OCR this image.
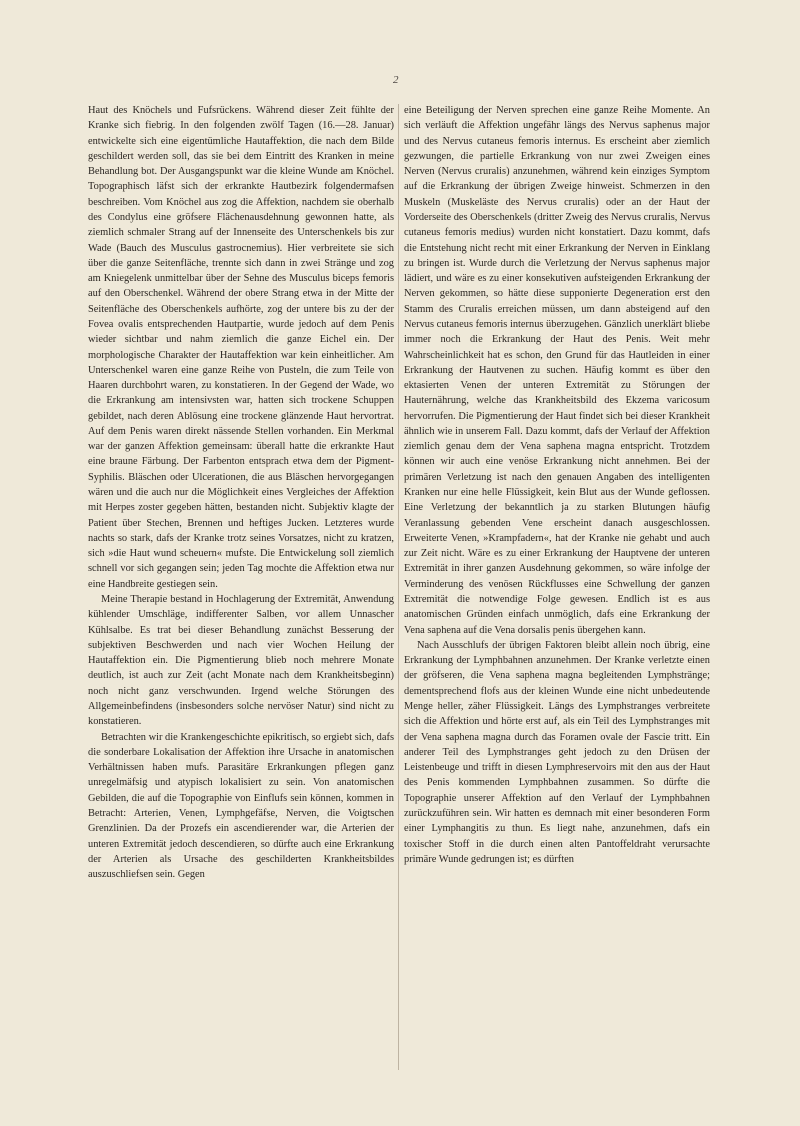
2

Haut des Knöchels und Fufsrückens. Während dieser Zeit fühlte der Kranke sich fiebrig. In den folgenden zwölf Tagen (16.—28. Januar) entwickelte sich eine eigentümliche Hautaffektion, die nach dem Bilde geschildert werden soll, das sie bei dem Eintritt des Kranken in meine Behandlung bot. Der Ausgangspunkt war die kleine Wunde am Knöchel. Topographisch läfst sich der erkrankte Hautbezirk folgendermafsen beschreiben. Vom Knöchel aus zog die Affektion, nachdem sie oberhalb des Condylus eine gröfsere Flächenausdehnung gewonnen hatte, als ziemlich schmaler Strang auf der Innenseite des Unterschenkels bis zur Wade (Bauch des Musculus gastrocnemius). Hier verbreitete sie sich über die ganze Seitenfläche, trennte sich dann in zwei Stränge und zog am Kniegelenk unmittelbar über der Sehne des Musculus biceps femoris auf den Oberschenkel. Während der obere Strang etwa in der Mitte der Seitenfläche des Oberschenkels aufhörte, zog der untere bis zu der der Fovea ovalis entsprechenden Hautpartie, wurde jedoch auf dem Penis wieder sichtbar und nahm ziemlich die ganze Eichel ein. Der morphologische Charakter der Hautaffektion war kein einheitlicher. Am Unterschenkel waren eine ganze Reihe von Pusteln, die zum Teile von Haaren durchbohrt waren, zu konstatieren. In der Gegend der Wade, wo die Erkrankung am intensivsten war, hatten sich trockene Schuppen gebildet, nach deren Ablösung eine trockene glänzende Haut hervortrat. Auf dem Penis waren direkt nässende Stellen vorhanden. Ein Merkmal war der ganzen Affektion gemeinsam: überall hatte die erkrankte Haut eine braune Färbung. Der Farbenton entsprach etwa dem der Pigment-Syphilis. Bläschen oder Ulcerationen, die aus Bläschen hervorgegangen wären und die auch nur die Möglichkeit eines Vergleiches der Affektion mit Herpes zoster gegeben hätten, bestanden nicht. Subjektiv klagte der Patient über Stechen, Brennen und heftiges Jucken. Letzteres wurde nachts so stark, dafs der Kranke trotz seines Vorsatzes, nicht zu kratzen, sich »die Haut wund scheuern« mufste. Die Entwickelung soll ziemlich schnell vor sich gegangen sein; jeden Tag mochte die Affektion etwa nur eine Handbreite gestiegen sein.

Meine Therapie bestand in Hochlagerung der Extremität, Anwendung kühlender Umschläge, indifferenter Salben, vor allem Unnascher Kühlsalbe. Es trat bei dieser Behandlung zunächst Besserung der subjektiven Beschwerden und nach vier Wochen Heilung der Hautaffektion ein. Die Pigmentierung blieb noch mehrere Monate deutlich, ist auch zur Zeit (acht Monate nach dem Krankheitsbeginn) noch nicht ganz verschwunden. Irgend welche Störungen des Allgemeinbefindens (insbesonders solche nervöser Natur) sind nicht zu konstatieren.

Betrachten wir die Krankengeschichte epikritisch, so ergiebt sich, dafs die sonderbare Lokalisation der Affektion ihre Ursache in anatomischen Verhältnissen haben mufs. Parasitäre Erkrankungen pflegen ganz unregelmäfsig und atypisch lokalisiert zu sein. Von anatomischen Gebilden, die auf die Topographie von Einflufs sein können, kommen in Betracht: Arterien, Venen, Lymphgefäfse, Nerven, die Voigtschen Grenzlinien. Da der Prozefs ein ascendierender war, die Arterien der unteren Extremität jedoch descendieren, so dürfte auch eine Erkrankung der Arterien als Ursache des geschilderten Krankheitsbildes auszuschliefsen sein. Gegen

eine Beteiligung der Nerven sprechen eine ganze Reihe Momente. An sich verläuft die Affektion ungefähr längs des Nervus saphenus major und des Nervus cutaneus femoris internus. Es erscheint aber ziemlich gezwungen, die partielle Erkrankung von nur zwei Zweigen eines Nerven (Nervus cruralis) anzunehmen, während kein einziges Symptom auf die Erkrankung der übrigen Zweige hinweist. Schmerzen in den Muskeln (Muskeläste des Nervus cruralis) oder an der Haut der Vorderseite des Oberschenkels (dritter Zweig des Nervus cruralis, Nervus cutaneus femoris medius) wurden nicht konstatiert. Dazu kommt, dafs die Entstehung nicht recht mit einer Erkrankung der Nerven in Einklang zu bringen ist. Wurde durch die Verletzung der Nervus saphenus major lädiert, und wäre es zu einer konsekutiven aufsteigenden Erkrankung der Nerven gekommen, so hätte diese supponierte Degeneration erst den Stamm des Cruralis erreichen müssen, um dann absteigend auf den Nervus cutaneus femoris internus überzugehen. Gänzlich unerklärt bliebe immer noch die Erkrankung der Haut des Penis. Weit mehr Wahrscheinlichkeit hat es schon, den Grund für das Hautleiden in einer Erkrankung der Hautvenen zu suchen. Häufig kommt es über den ektasierten Venen der unteren Extremität zu Störungen der Hauternährung, welche das Krankheitsbild des Ekzema varicosum hervorrufen. Die Pigmentierung der Haut findet sich bei dieser Krankheit ähnlich wie in unserem Fall. Dazu kommt, dafs der Verlauf der Affektion ziemlich genau dem der Vena saphena magna entspricht. Trotzdem können wir auch eine venöse Erkrankung nicht annehmen. Bei der primären Verletzung ist nach den genauen Angaben des intelligenten Kranken nur eine helle Flüssigkeit, kein Blut aus der Wunde geflossen. Eine Verletzung der bekanntlich ja zu starken Blutungen häufig Veranlassung gebenden Vene erscheint danach ausgeschlossen. Erweiterte Venen, »Krampfadern«, hat der Kranke nie gehabt und auch zur Zeit nicht. Wäre es zu einer Erkrankung der Hauptvene der unteren Extremität in ihrer ganzen Ausdehnung gekommen, so wäre infolge der Verminderung des venösen Rückflusses eine Schwellung der ganzen Extremität die notwendige Folge gewesen. Endlich ist es aus anatomischen Gründen einfach unmöglich, dafs eine Erkrankung der Vena saphena auf die Vena dorsalis penis übergehen kann.

Nach Ausschlufs der übrigen Faktoren bleibt allein noch übrig, eine Erkrankung der Lymphbahnen anzunehmen. Der Kranke verletzte einen der gröfseren, die Vena saphena magna begleitenden Lymphstränge; dementsprechend flofs aus der kleinen Wunde eine nicht unbedeutende Menge heller, zäher Flüssigkeit. Längs des Lymphstranges verbreitete sich die Affektion und hörte erst auf, als ein Teil des Lymphstranges mit der Vena saphena magna durch das Foramen ovale der Fascie tritt. Ein anderer Teil des Lymphstranges geht jedoch zu den Drüsen der Leistenbeuge und trifft in diesen Lymphreservoirs mit den aus der Haut des Penis kommenden Lymphbahnen zusammen. So dürfte die Topographie unserer Affektion auf den Verlauf der Lymphbahnen zurückzuführen sein. Wir hatten es demnach mit einer besonderen Form einer Lymphangitis zu thun. Es liegt nahe, anzunehmen, dafs ein toxischer Stoff in die durch einen alten Pantoffeldraht verursachte primäre Wunde gedrungen ist; es dürften
